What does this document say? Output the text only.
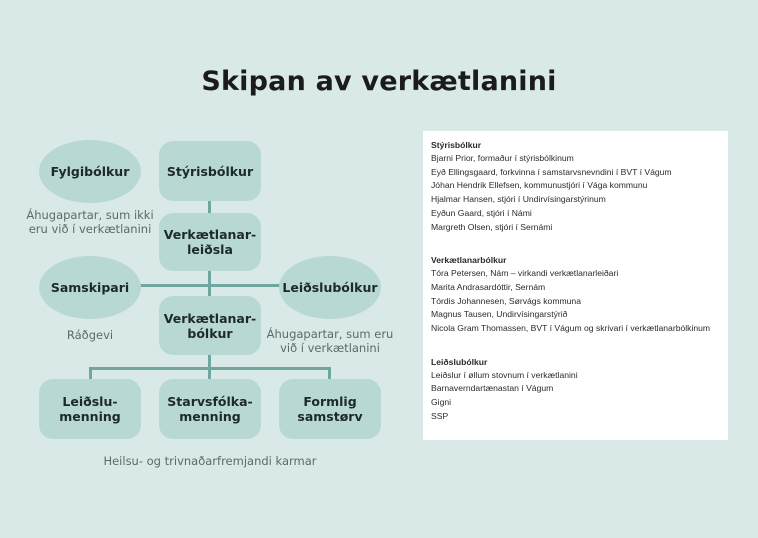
Skipan av verkætlanini
Fylgibólkur	Stýrisbólkur
Verkætlanar-
leiðsla
Samskipari	Leiðslubólkur
Verkætlanar-
bólkur
Leiðslu-
menning
Starvsfólka-
menning
Formlig
samstørv
Áhugapartar, sum ikki
eru við í verkætlanini
Ráðgevi	Áhugapartar, sum eru
við í verkætlanini
Heilsu- og trivnaðarfremjandi karmar
Stýrisbólkur
Bjarni Prior, formaður í stýrisbólkinum
Eyð Ellingsgaard, forkvinna í samstarvsnevndini í BVT í Vágum
Jóhan Hendrik Ellefsen, kommunustjóri í Vága kommunu
Hjalmar Hansen, stjóri í Undirvísingarstýrinum
Eyðun Gaard, stjóri í Námi
Margreth Olsen, stjóri í Sernámi
Verkætlanarbólkur
Tóra Petersen, Nám – virkandi verkætlanarleiðari
Marita Andrasardóttir, Sernám
Tórdis Johannesen, Sørvágs kommuna
Magnus Tausen, Undirvísingarstýrið
Nicola Gram Thomassen, BVT í Vágum og skrivari í verkætlanarbólkinum
Leiðslubólkur
Leiðslur í øllum stovnum í verkætlanini
Barnaverndartænastan í Vágum
Gigni
SSP
